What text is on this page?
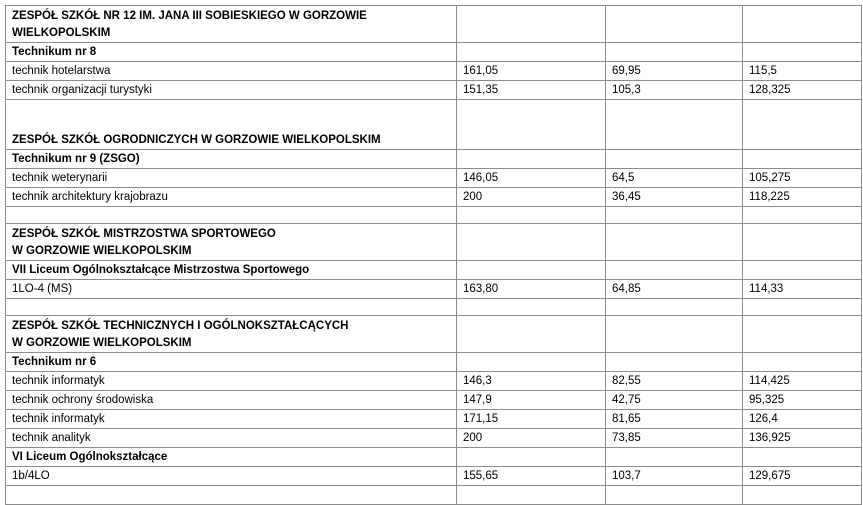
ZESPÓŁ SZKÓŁ NR 12 IM. JANA III SOBIESKIEGO W GORZOWIE
WIELKOPOLSKIM			
Technikum nr 8			
technik hotelarstwa	161,05	69,95	115,5
technik organizacji turystyki	151,35	105,3	128,325
ZESPÓŁ SZKÓŁ OGRODNICZYCH W GORZOWIE WIELKOPOLSKIM			
Technikum nr 9 (ZSGO)			
technik weterynarii	146,05	64,5	105,275
technik architektury krajobrazu	200	36,45	118,225

ZESPÓŁ SZKÓŁ MISTRZOSTWA SPORTOWEGO
W GORZOWIE WIELKOPOLSKIM			
VII Liceum Ogólnokształcące Mistrzostwa Sportowego			
1LO-4 (MS)	163,80	64,85	114,33

ZESPÓŁ SZKÓŁ TECHNICZNYCH I OGÓLNOKSZTAŁCĄCYCH
W GORZOWIE WIELKOPOLSKIM			
Technikum nr 6			
technik informatyk	146,3	82,55	114,425
technik ochrony środowiska	147,9	42,75	95,325
technik informatyk	171,15	81,65	126,4
technik analityk	200	73,85	136,925
VI Liceum Ogólnokształcące			
1b/4LO	155,65	103,7	129,675
